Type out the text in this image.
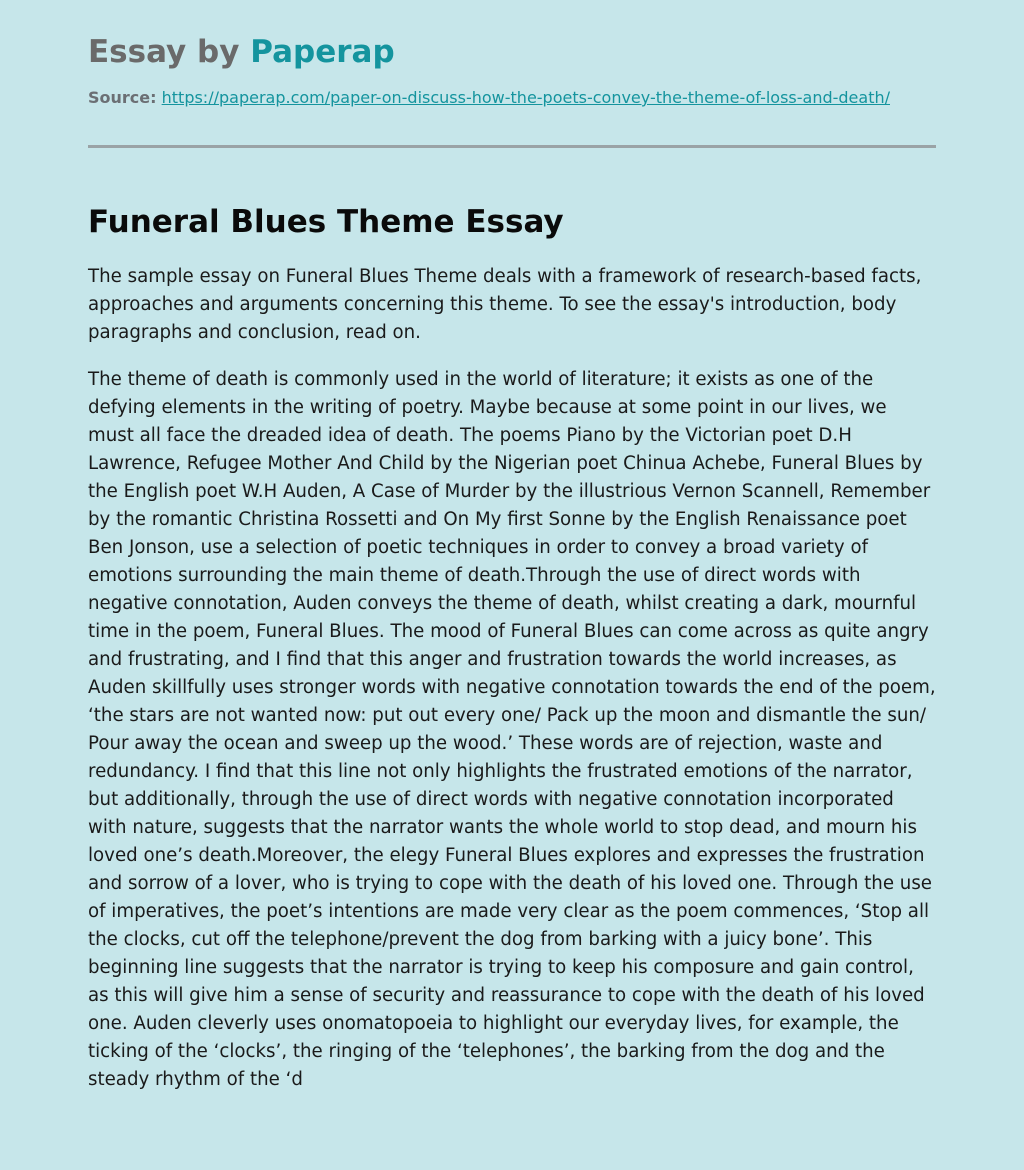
Essay by Paperap
Source: https://paperap.com/paper-on-discuss-how-the-poets-convey-the-theme-of-loss-and-death/
Funeral Blues Theme Essay

The sample essay on Funeral Blues Theme deals with a framework of research-based facts, approaches and arguments concerning this theme. To see the essay's introduction, body paragraphs and conclusion, read on.

The theme of death is commonly used in the world of literature; it exists as one of the defying elements in the writing of poetry. Maybe because at some point in our lives, we must all face the dreaded idea of death. The poems Piano by the Victorian poet D.H Lawrence, Refugee Mother And Child by the Nigerian poet Chinua Achebe, Funeral Blues by the English poet W.H Auden, A Case of Murder by the illustrious Vernon Scannell, Remember by the romantic Christina Rossetti and On My first Sonne by the English Renaissance poet Ben Jonson, use a selection of poetic techniques in order to convey a broad variety of emotions surrounding the main theme of death.Through the use of direct words with negative connotation, Auden conveys the theme of death, whilst creating a dark, mournful time in the poem, Funeral Blues. The mood of Funeral Blues can come across as quite angry and frustrating, and I find that this anger and frustration towards the world increases, as Auden skillfully uses stronger words with negative connotation towards the end of the poem, ‘the stars are not wanted now: put out every one/ Pack up the moon and dismantle the sun/ Pour away the ocean and sweep up the wood.’ These words are of rejection, waste and redundancy. I find that this line not only highlights the frustrated emotions of the narrator, but additionally, through the use of direct words with negative connotation incorporated with nature, suggests that the narrator wants the whole world to stop dead, and mourn his loved one’s death.Moreover, the elegy Funeral Blues explores and expresses the frustration and sorrow of a lover, who is trying to cope with the death of his loved one. Through the use of imperatives, the poet’s intentions are made very clear as the poem commences, ‘Stop all the clocks, cut off the telephone/prevent the dog from barking with a juicy bone’. This beginning line suggests that the narrator is trying to keep his composure and gain control, as this will give him a sense of security and reassurance to cope with the death of his loved one. Auden cleverly uses onomatopoeia to highlight our everyday lives, for example, the ticking of the ‘clocks’, the ringing of the ‘telephones’, the barking from the dog and the steady rhythm of the ‘d
